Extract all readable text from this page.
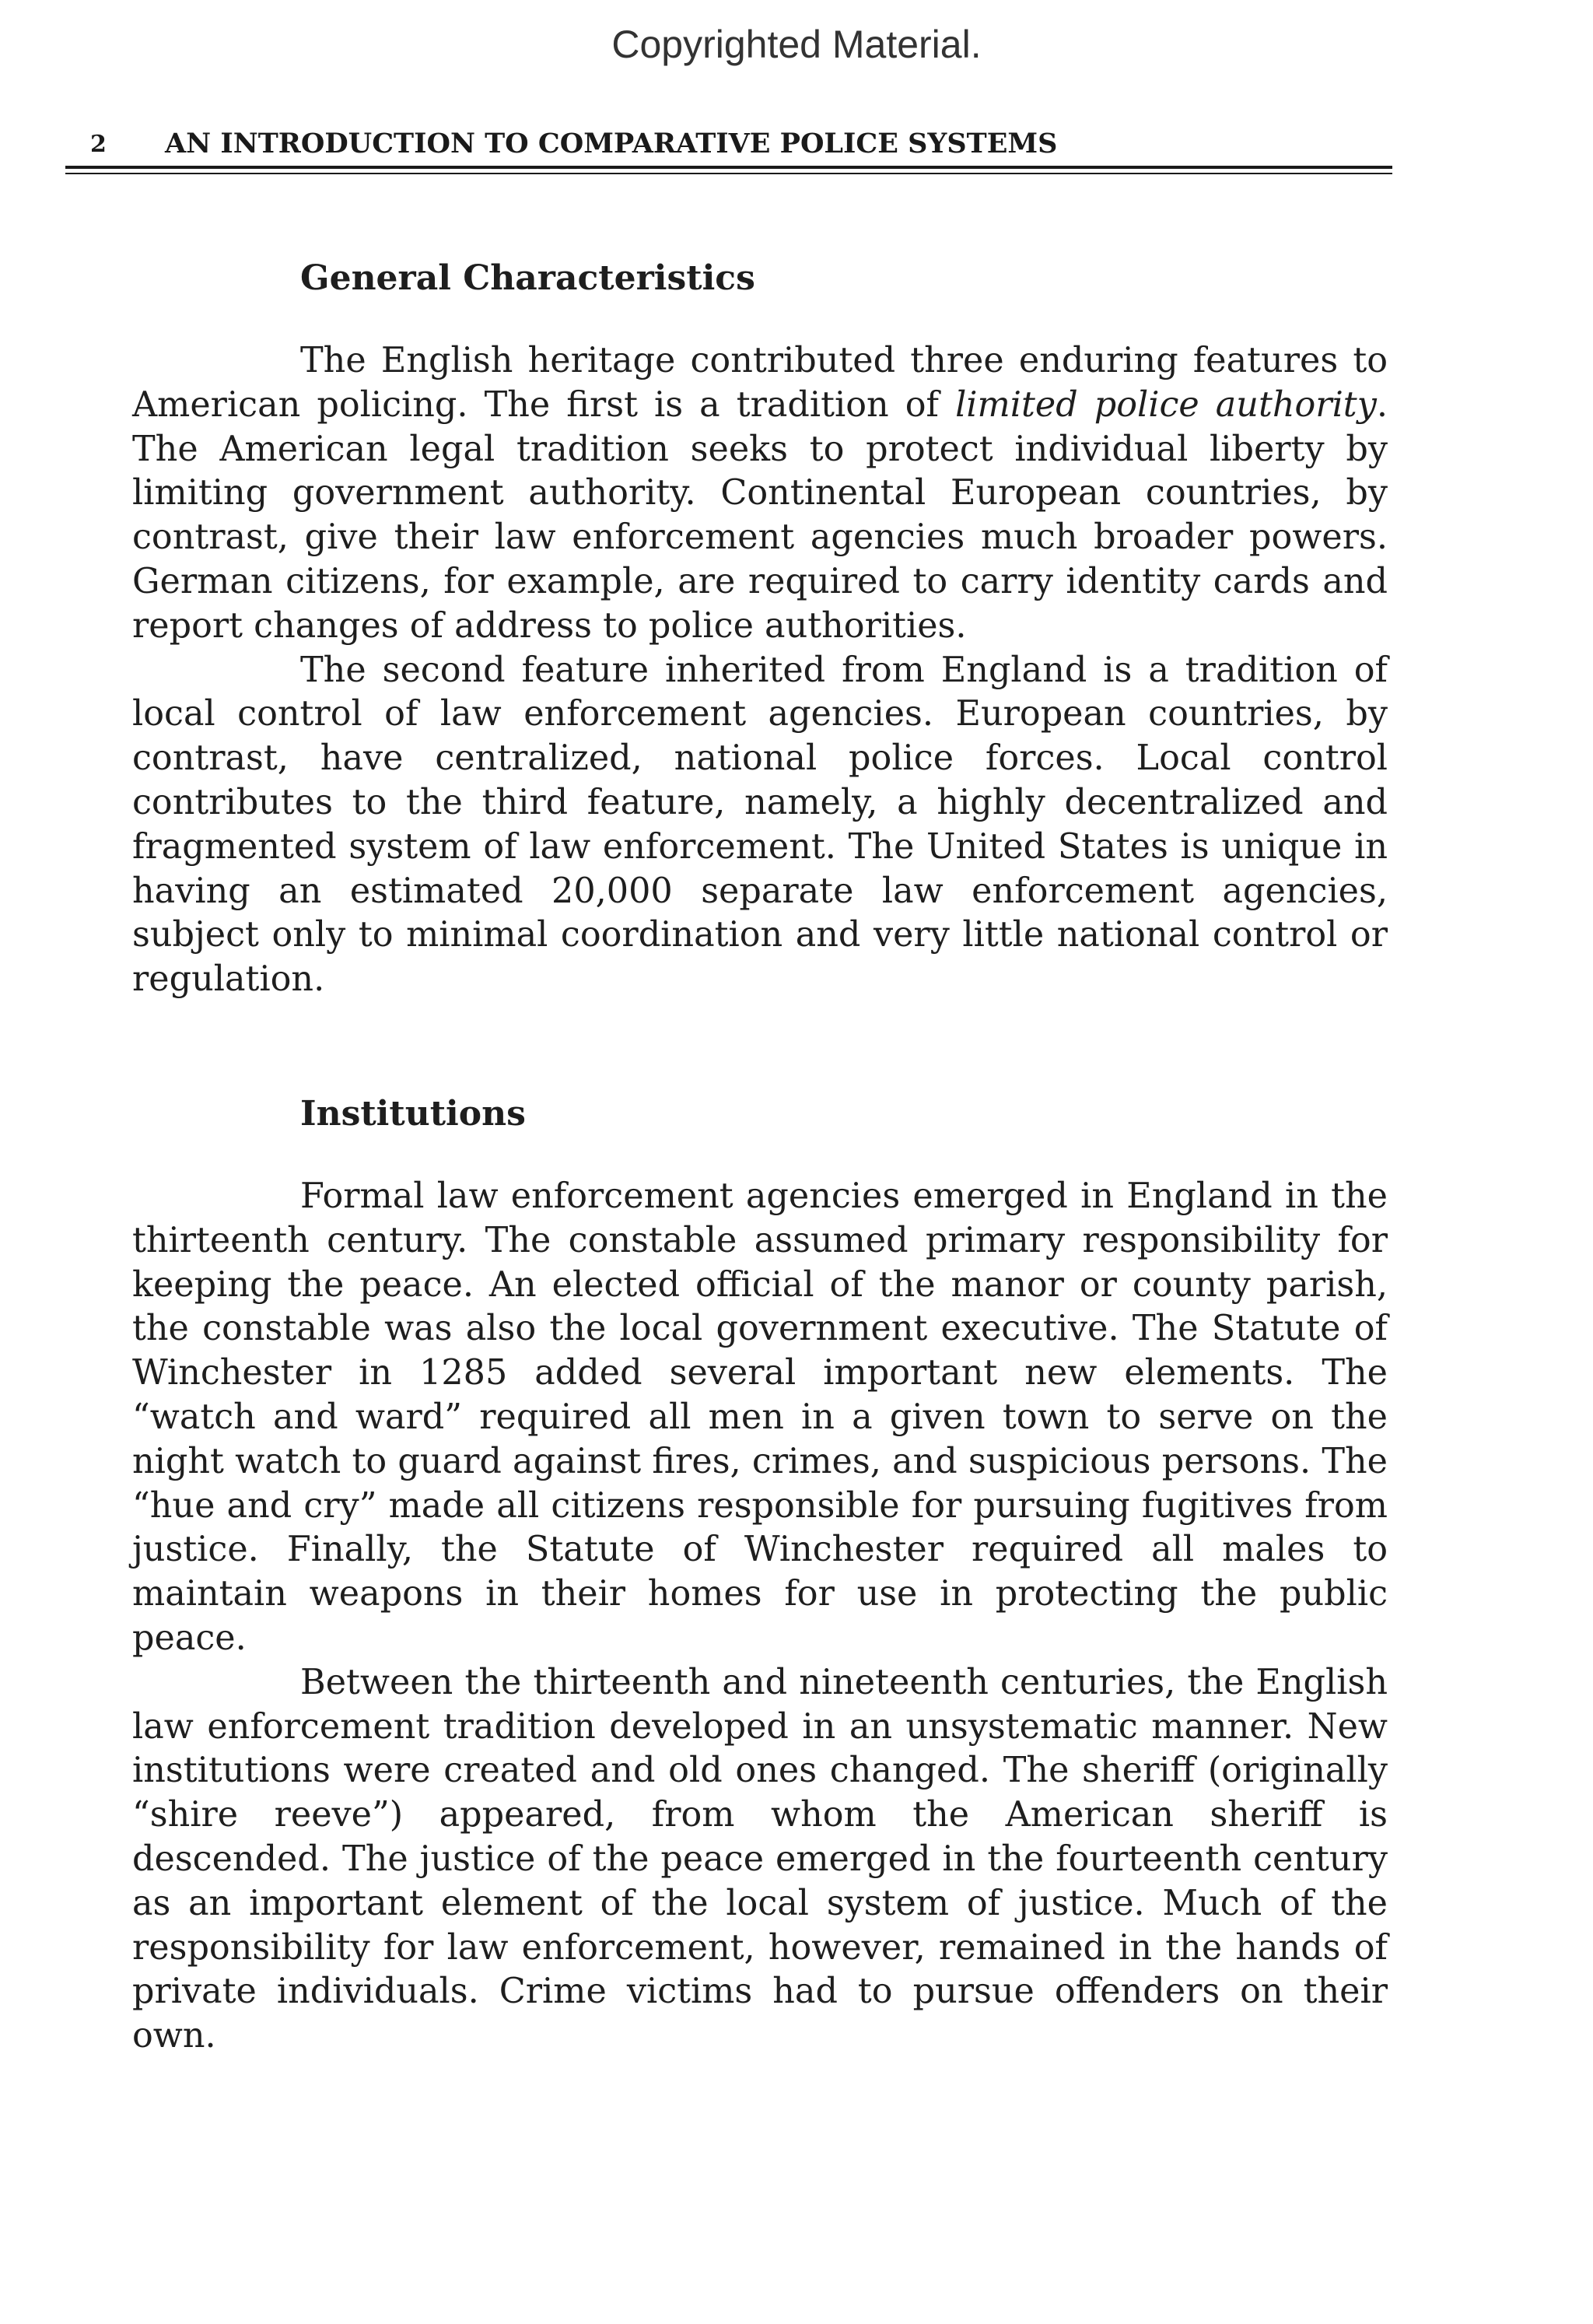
Copyrighted Material.
2 AN INTRODUCTION TO COMPARATIVE POLICE SYSTEMS
General Characteristics

The English heritage contributed three enduring features to American policing. The first is a tradition of limited police authority. The American legal tradition seeks to protect individual liberty by limiting government authority. Continental European countries, by contrast, give their law enforcement agencies much broader powers. German citizens, for example, are required to carry identity cards and report changes of address to police authorities.

The second feature inherited from England is a tradition of local control of law enforcement agencies. European countries, by contrast, have centralized, national police forces. Local control contributes to the third feature, namely, a highly decentralized and fragmented system of law enforcement. The United States is unique in having an estimated 20,000 separate law enforcement agencies, subject only to minimal coordination and very little national control or regulation.

Institutions

Formal law enforcement agencies emerged in England in the thirteenth century. The constable assumed primary responsibility for keeping the peace. An elected official of the manor or county parish, the constable was also the local government executive. The Statute of Winchester in 1285 added several important new elements. The “watch and ward” required all men in a given town to serve on the night watch to guard against fires, crimes, and suspicious persons. The “hue and cry” made all citizens responsible for pursuing fugitives from justice. Finally, the Statute of Winchester required all males to maintain weapons in their homes for use in protecting the public peace.

Between the thirteenth and nineteenth centuries, the English law enforcement tradition developed in an unsystematic manner. New institutions were created and old ones changed. The sheriff (originally “shire reeve”) appeared, from whom the American sheriff is descended. The justice of the peace emerged in the fourteenth century as an important element of the local system of justice. Much of the responsibility for law enforcement, however, remained in the hands of private individuals. Crime victims had to pursue offenders on their own.
